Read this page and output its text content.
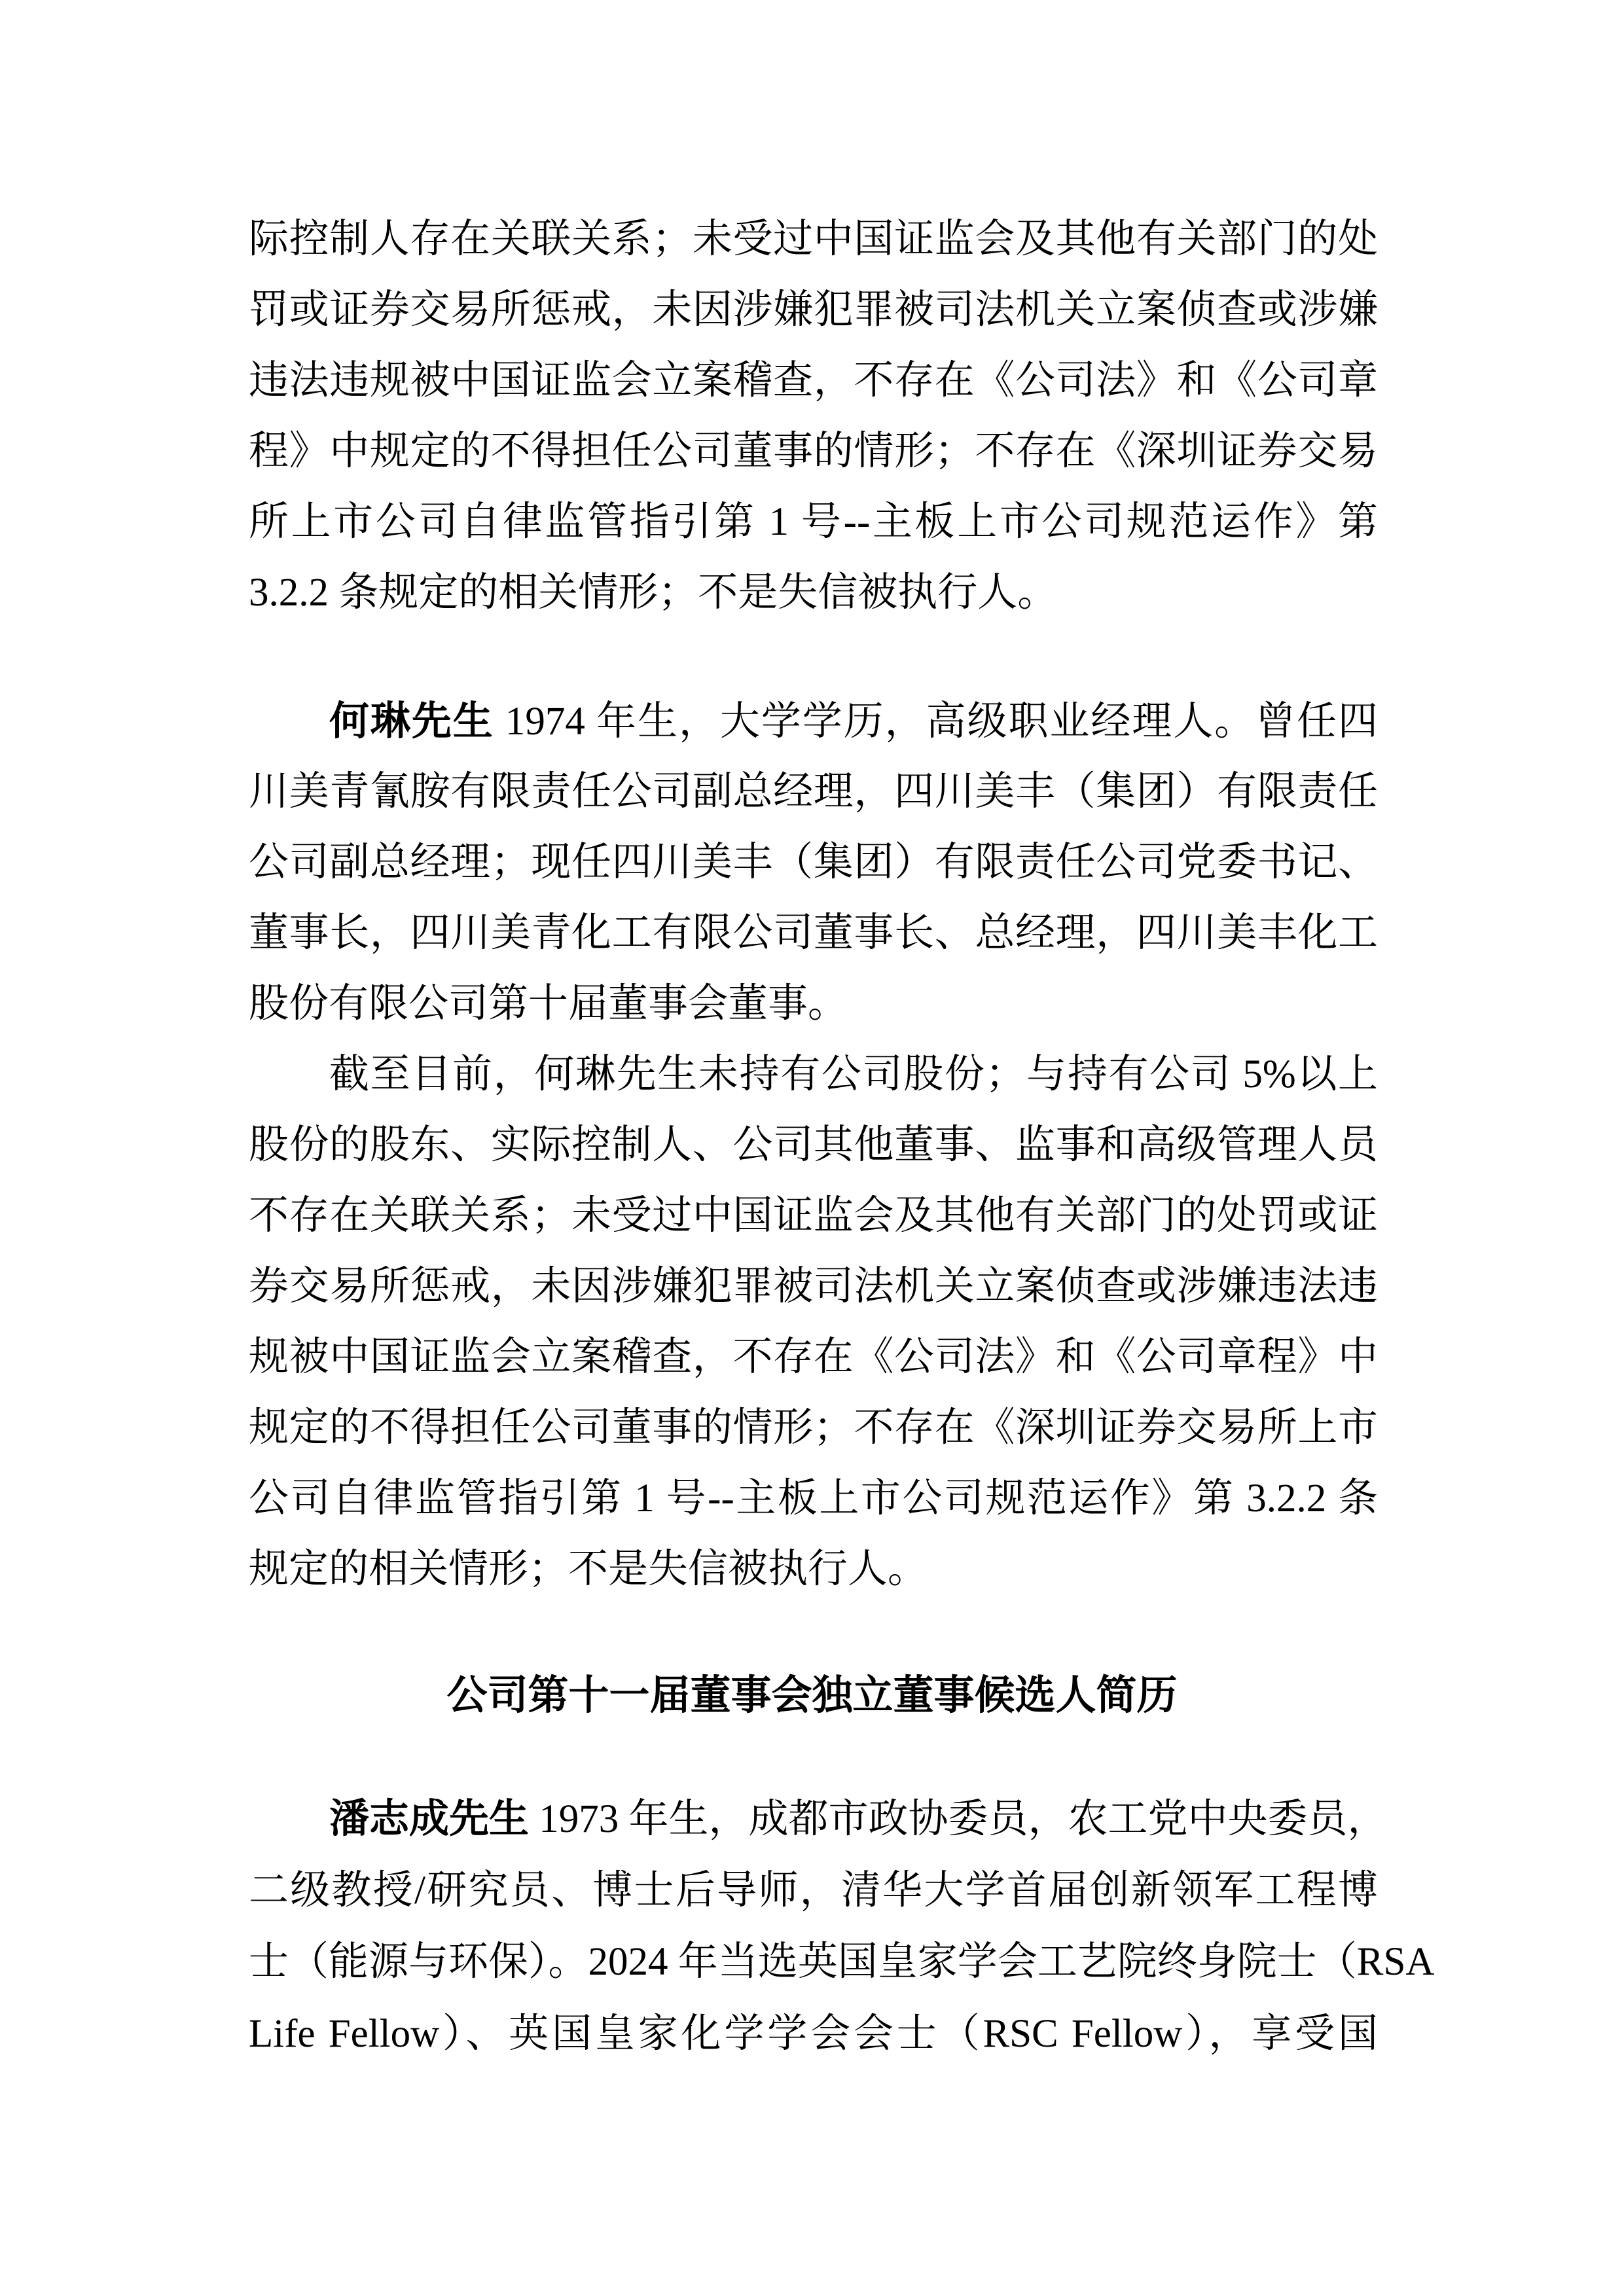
际控制人存在关联关系；未受过中国证监会及其他有关部门的处
罚或证券交易所惩戒，未因涉嫌犯罪被司法机关立案侦查或涉嫌
违法违规被中国证监会立案稽查，不存在《公司法》和《公司章
程》中规定的不得担任公司董事的情形；不存在《深圳证券交易
所上市公司自律监管指引第 1 号--主板上市公司规范运作》第
3.2.2 条规定的相关情形；不是失信被执行人。
何琳先生 1974 年生，大学学历，高级职业经理人。曾任四
川美青氰胺有限责任公司副总经理，四川美丰（集团）有限责任
公司副总经理；现任四川美丰（集团）有限责任公司党委书记、
董事长，四川美青化工有限公司董事长、总经理，四川美丰化工
股份有限公司第十届董事会董事。
截至目前，何琳先生未持有公司股份；与持有公司 5%以上
股份的股东、实际控制人、公司其他董事、监事和高级管理人员
不存在关联关系；未受过中国证监会及其他有关部门的处罚或证
券交易所惩戒，未因涉嫌犯罪被司法机关立案侦查或涉嫌违法违
规被中国证监会立案稽查，不存在《公司法》和《公司章程》中
规定的不得担任公司董事的情形；不存在《深圳证券交易所上市
公司自律监管指引第 1 号--主板上市公司规范运作》第 3.2.2 条
规定的相关情形；不是失信被执行人。
公司第十一届董事会独立董事候选人简历
潘志成先生 1973 年生，成都市政协委员，农工党中央委员，
二级教授/研究员、博士后导师，清华大学首届创新领军工程博
士（能源与环保）。2024 年当选英国皇家学会工艺院终身院士（RSA
Life Fellow）、英国皇家化学学会会士（RSC Fellow），享受国
